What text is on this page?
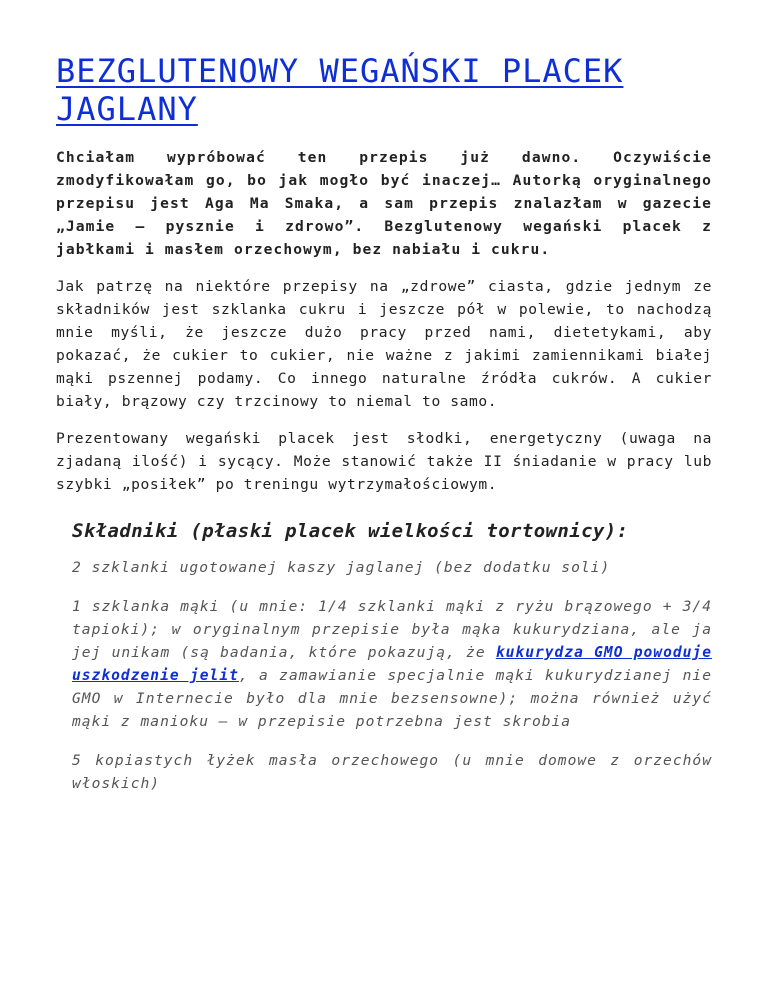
BEZGLUTENOWY WEGAŃSKI PLACEK JAGLANY

Chciałam wypróbować ten przepis już dawno. Oczywiście zmodyfikowałam go, bo jak mogło być inaczej… Autorką oryginalnego przepisu jest Aga Ma Smaka, a sam przepis znalazłam w gazecie „Jamie – pysznie i zdrowo”. Bezglutenowy wegański placek z jabłkami i masłem orzechowym, bez nabiału i cukru.

Jak patrzę na niektóre przepisy na „zdrowe” ciasta, gdzie jednym ze składników jest szklanka cukru i jeszcze pół w polewie, to nachodzą mnie myśli, że jeszcze dużo pracy przed nami, dietetykami, aby pokazać, że cukier to cukier, nie ważne z jakimi zamiennikami białej mąki pszennej podamy. Co innego naturalne źródła cukrów. A cukier biały, brązowy czy trzcinowy to niemal to samo.

Prezentowany wegański placek jest słodki, energetyczny (uwaga na zjadaną ilość) i sycący. Może stanowić także II śniadanie w pracy lub szybki „posiłek” po treningu wytrzymałościowym.

Składniki (płaski placek wielkości tortownicy):
2 szklanki ugotowanej kaszy jaglanej (bez dodatku soli)
1 szklanka mąki (u mnie: 1/4 szklanki mąki z ryżu brązowego + 3/4 tapioki); w oryginalnym przepisie była mąka kukurydziana, ale ja jej unikam (są badania, które pokazują, że kukurydza GMO powoduje uszkodzenie jelit, a zamawianie specjalnie mąki kukurydzianej nie GMO w Internecie było dla mnie bezsensowne); można również użyć mąki z manioku – w przepisie potrzebna jest skrobia
5 kopiastych łyżek masła orzechowego (u mnie domowe z orzechów włoskich)
